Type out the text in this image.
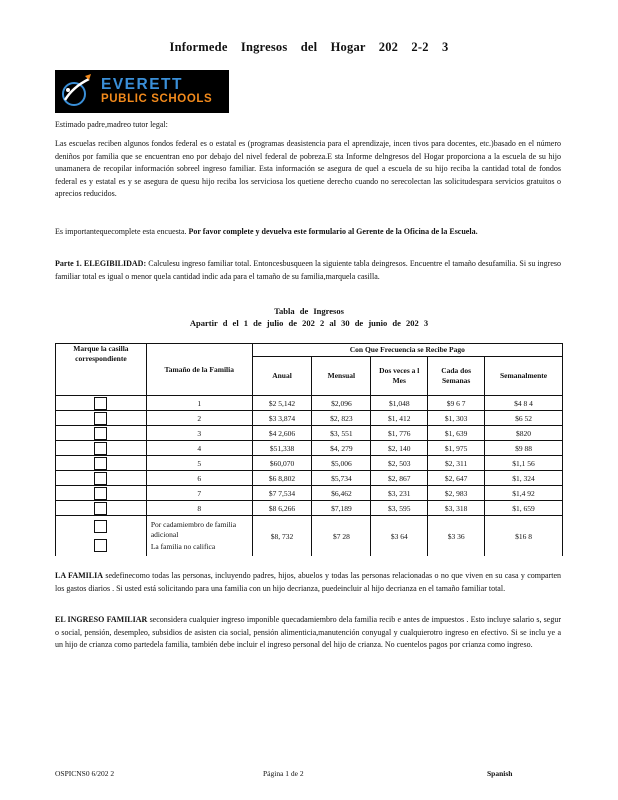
Informede Ingresos del Hogar 202 2-2 3
EVERETT
PUBLIC SCHOOLS
Estimado padre,madreo tutor legal:
Las escuelas reciben algunos fondos federal es o estatal es (programas deasistencia para el aprendizaje, incen tivos para docentes, etc.)basado en el número deniños por familia que se encuentran eno por debajo del nivel federal de pobreza.E sta Informe delngresos del Hogar proporciona a la escuela de su hijo unamanera de recopilar información sobreel ingreso familiar. Esta información se asegura de quel a escuela de su hijo reciba la cantidad total de fondos federal es y estatal es y se asegura de quesu hijo reciba los serviciosa los quetiene derecho cuando no serecolectan las solicitudespara servicios gratuitos o aprecios reducidos.
Es importantequecomplete esta encuesta. Por favor complete y devuelva este formulario al Gerente de la Oficina de la Escuela.
Parte 1. ELEGIBILIDAD: Calculesu ingreso familiar total. Entoncesbusqueen la siguiente tabla deingresos. Encuentre el tamaño desufamilia. Si su ingreso familiar total es igual o menor quela cantidad indic ada para el tamaño de su familia,marquela casilla.
Tabla de Ingresos
Apartir d el 1 de julio de 202 2 al 30 de junio de 202 3
Marque la casilla correspondiente	Tamaño de la Familia	Con Que Frecuencia se Recibe Pago				
		Anual	Mensual	Dos veces a l Mes	Cada dos Semanas	Semanalmente
	1	$2 5,142	$2,096	$1,048	$9 6 7	$4 8 4
	2	$3 3,874	$2, 823	$1, 412	$1, 303	$6 52
	3	$4 2,606	$3, 551	$1, 776	$1, 639	$820
	4	$51,338	$4, 279	$2, 140	$1, 975	$9 88
	5	$60,070	$5,006	$2, 503	$2, 311	$1,1 56
	6	$6 8,802	$5,734	$2, 867	$2, 647	$1, 324
	7	$7 7,534	$6,462	$3, 231	$2, 983	$1,4 92
	8	$8 6,266	$7,189	$3, 595	$3, 318	$1, 659

	Por cadamiembro de familia adicional
La familia no califica	$8, 732	$7 28	$3 64	$3 36	$16 8
LA FAMILIA sedefinecomo todas las personas, incluyendo padres, hijos, abuelos y todas las personas relacionadas o no que viven en su casa y comparten los gastos diarios . Si usted está solicitando para una familia con un hijo decrianza, puedeincluir al hijo decrianza en el tamaño familiar total.
EL INGRESO FAMILIAR seconsidera cualquier ingreso imponible quecadamiembro dela familia recib e antes de impuestos . Esto incluye salario s, segur o social, pensión, desempleo, subsidios de asisten cia social, pensión alimenticia,manutención conyugal y cualquierotro ingreso en efectivo. Si se inclu ye a un hijo de crianza como partedela familia, también debe incluir el ingreso personal del hijo de crianza. No cuentelos pagos por crianza como ingreso.
OSPICNS0 6/202 2	Página 1 de 2	Spanish
